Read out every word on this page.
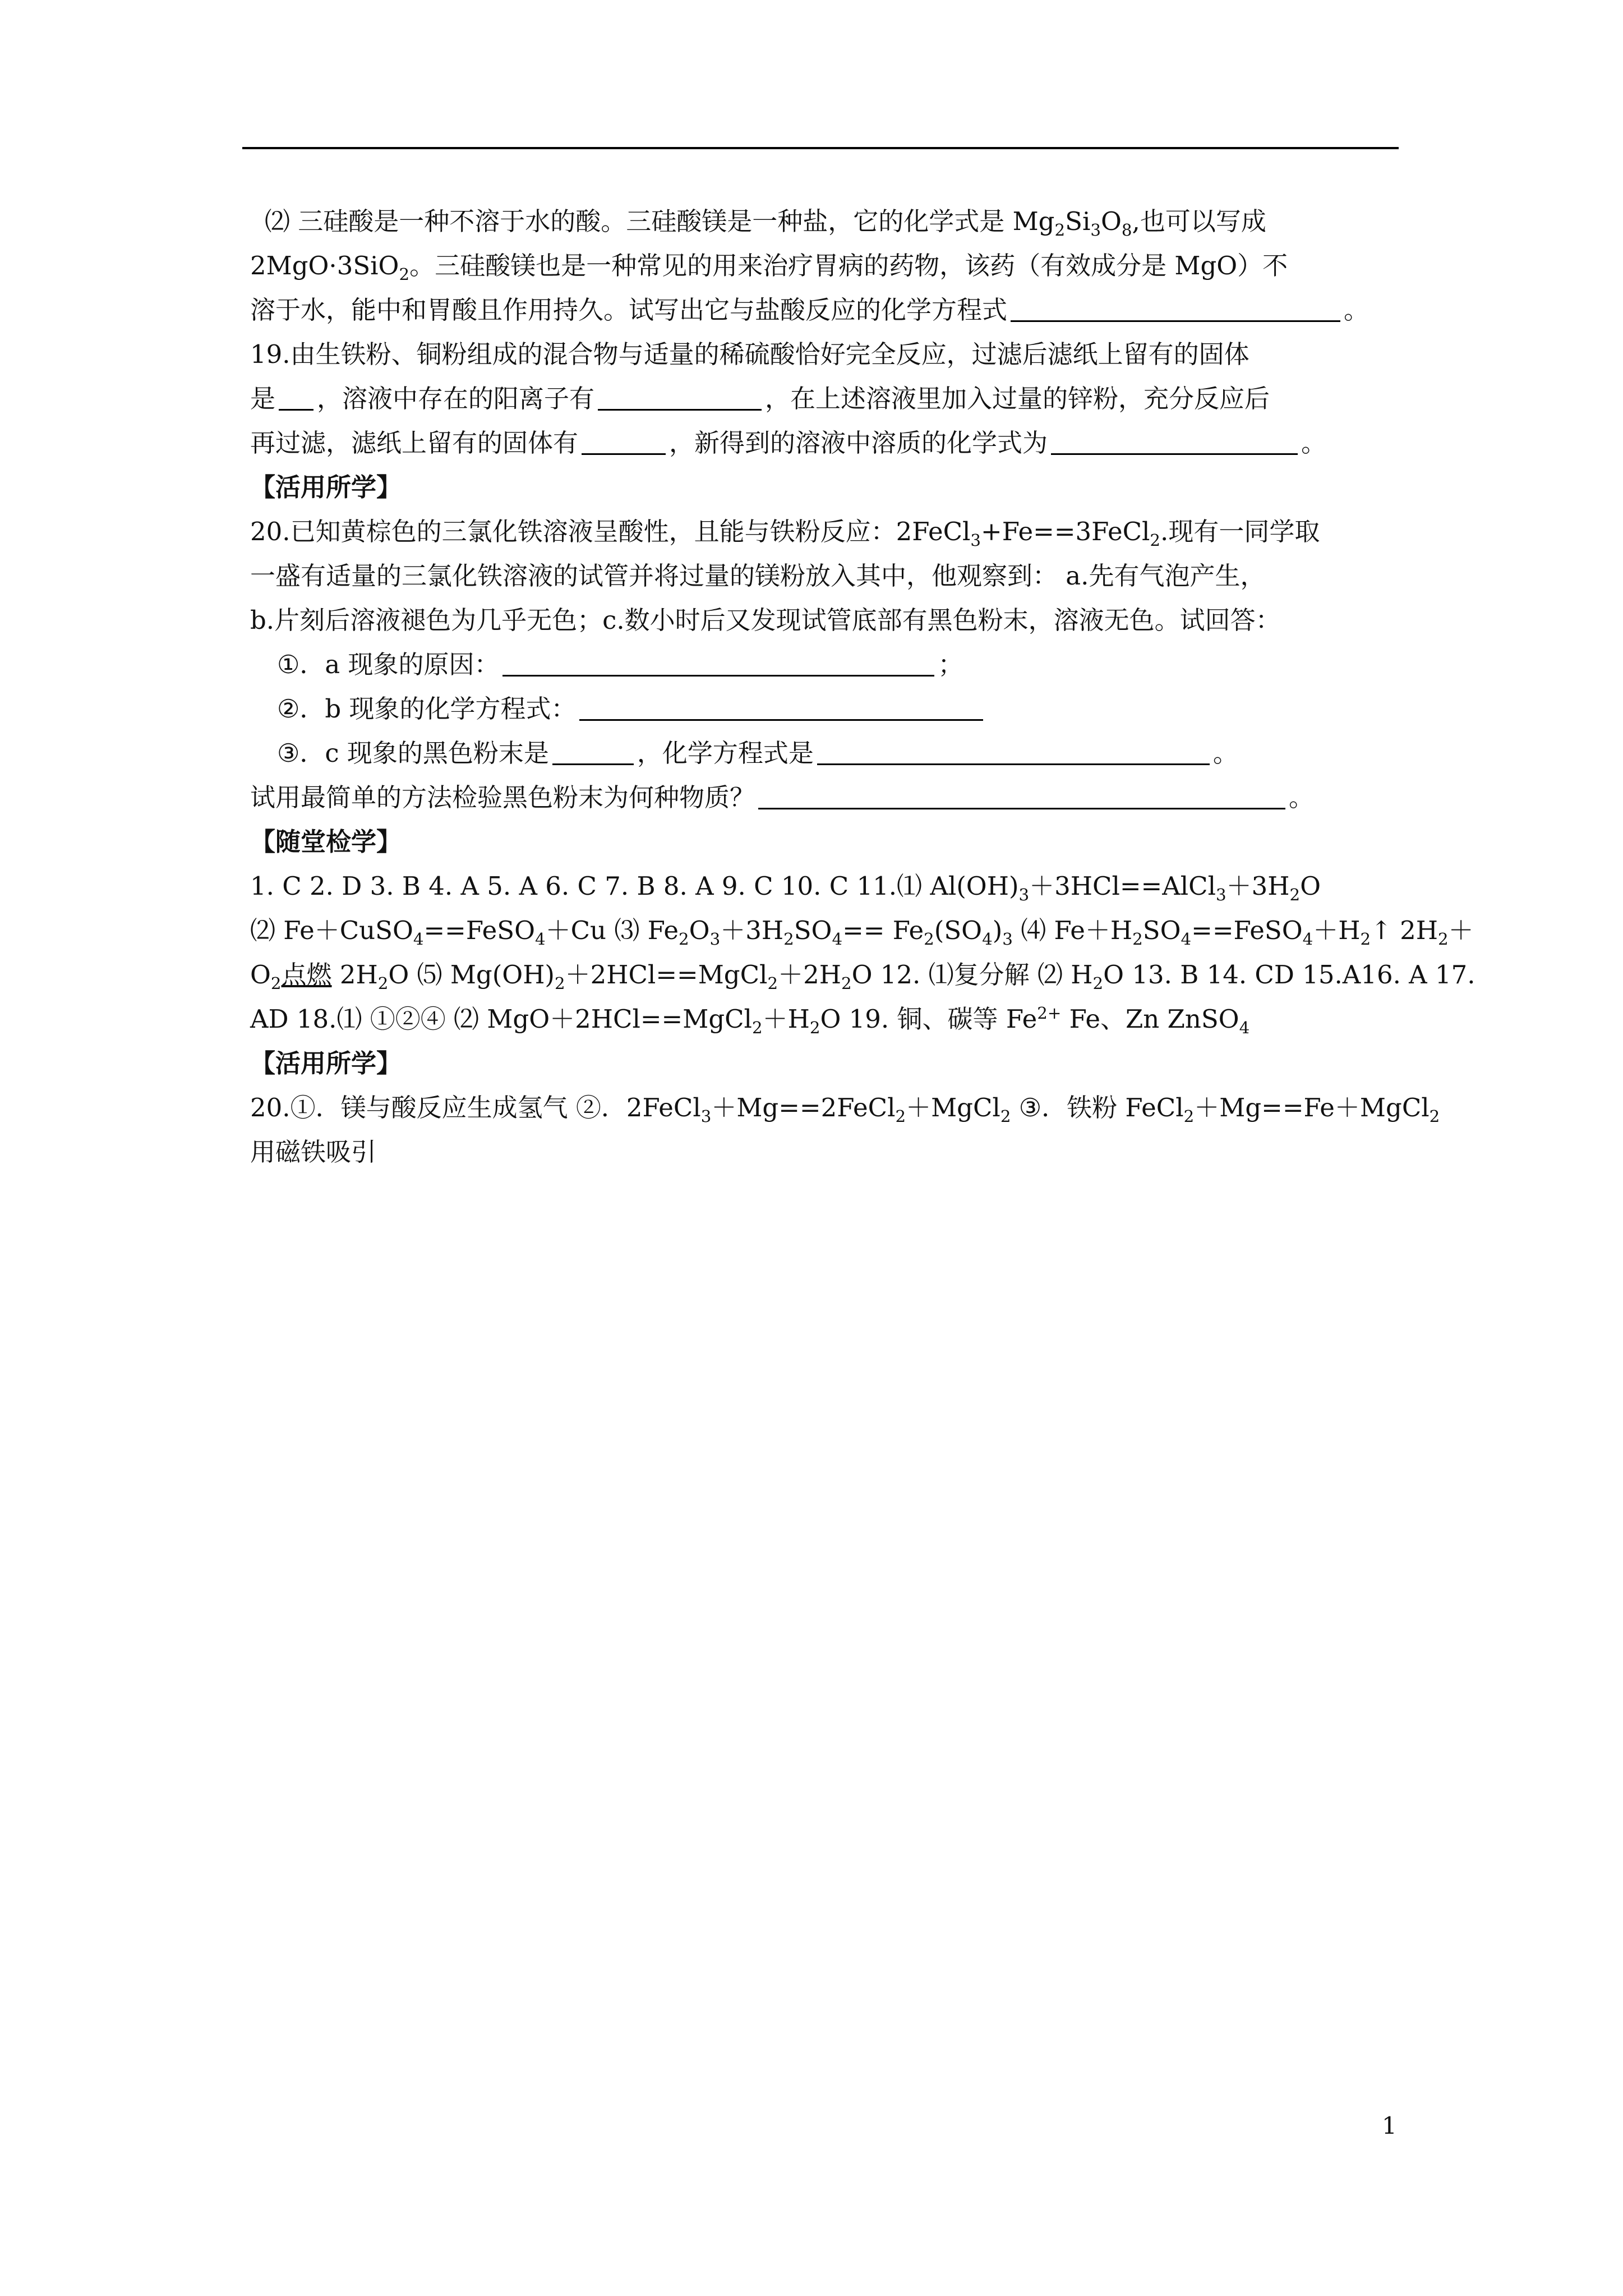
⑵ 三硅酸是一种不溶于水的酸。三硅酸镁是一种盐，它的化学式是 $Mg_2Si_3O_8$,也可以写成
2MgO·3SiO$_2$。三硅酸镁也是一种常见的用来治疗胃病的药物，该药（有效成分是 MgO）不
溶于水，能中和胃酸且作用持久。试写出它与盐酸反应的化学方程式	。
19.由生铁粉、铜粉组成的混合物与适量的稀硫酸恰好完全反应，过滤后滤纸上留有的固体
是 ，溶液中存在的阳离子有	，在上述溶液里加入过量的锌粉，充分反应后
再过滤，滤纸上留有的固体有	，新得到的溶液中溶质的化学式为	。
【活用所学】
20.已知黄棕色的三氯化铁溶液呈酸性，且能与铁粉反应：2FeCl$_3$+Fe==3FeCl$_2$.现有一同学取
一盛有适量的三氯化铁溶液的试管并将过量的镁粉放入其中，他观察到： a.先有气泡产生，
b.片刻后溶液褪色为几乎无色；c.数小时后又发现试管底部有黑色粉末，溶液无色。试回答：
①．a 现象的原因：	；
②．b 现象的化学方程式：
③．c 现象的黑色粉末是	，化学方程式是	。
试用最简单的方法检验黑色粉末为何种物质？	。
【随堂检学】
1. C 2. D 3. B 4. A 5. A 6. C 7. B 8. A 9. C 10. C 11.⑴ $Al(OH)_3+3HCl==AlCl_3+3H_2O$
⑵ Fe＋CuSO$_4$==FeSO$_4$＋Cu ⑶ $Fe_2O_3+3H_2SO_4== Fe_2(SO_4)_3$ ⑷ $Fe+H_2SO_4==FeSO_4+H_2↑$ $2H_2+$
$O_2$点燃 $2H_2O$ ⑸ $Mg(OH)_2+2HCl==MgCl_2+2H_2O$ 12. ⑴复分解 ⑵ $H_2O$ 13. B 14. CD 15.A16. A 17.
AD 18.⑴ ①②④ ⑵ $MgO+2HCl==MgCl_2+H_2O$ 19. 铜、碳等 $Fe^{2+}$ Fe、Zn ZnSO$_4$
【活用所学】
20.①．镁与酸反应生成氢气 ②．2FeCl$_3$＋Mg==2FeCl$_2$＋MgCl$_2$ ③．铁粉 FeCl$_2$＋Mg==Fe＋MgCl$_2$
用磁铁吸引
1
